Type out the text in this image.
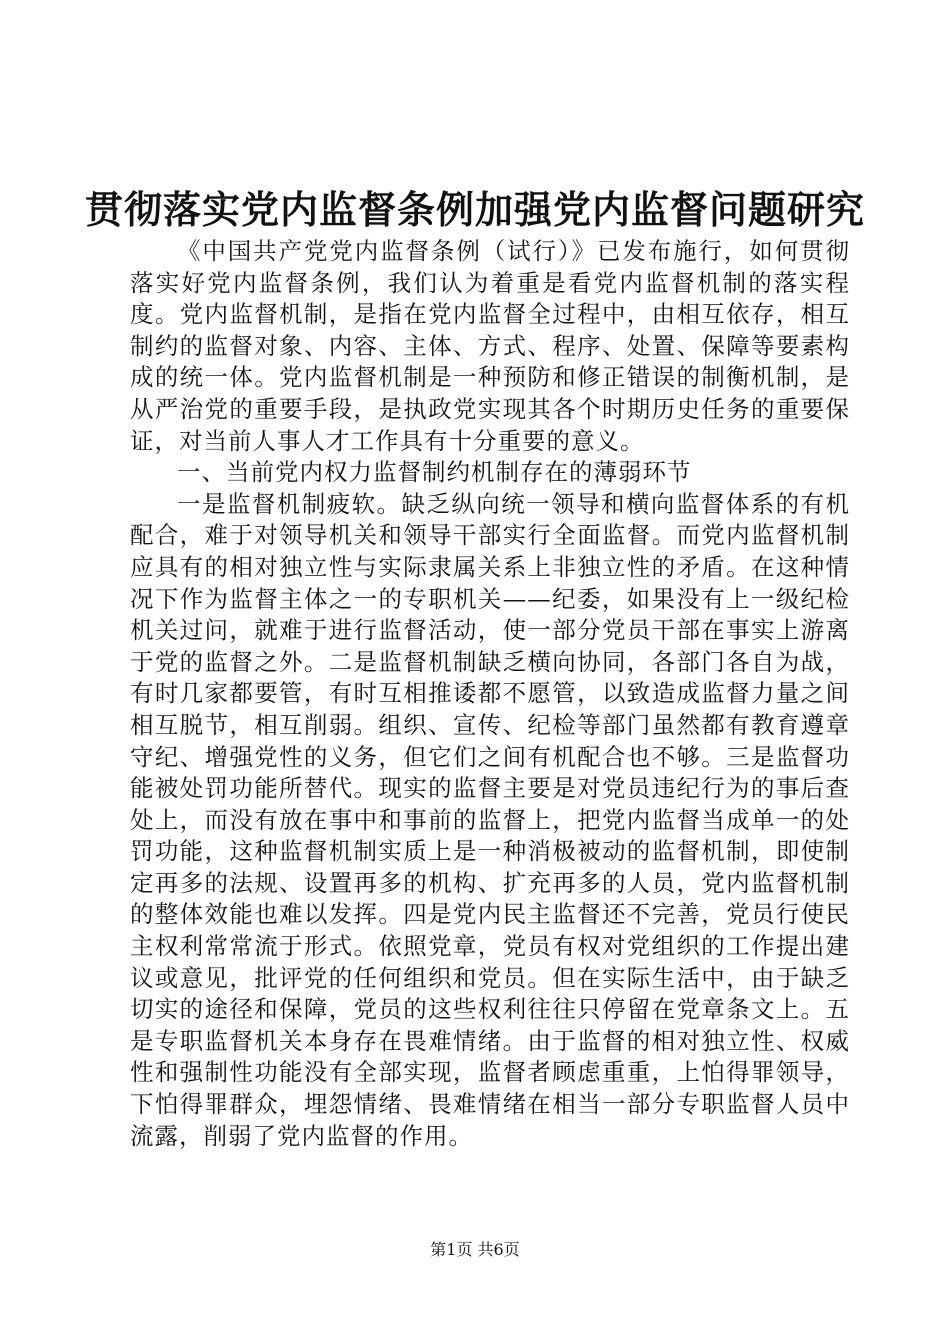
贯彻落实党内监督条例加强党内监督问题研究

《中国共产党党内监督条例（试行）》已发布施行，如何贯彻落实好党内监督条例，我们认为着重是看党内监督机制的落实程度。党内监督机制，是指在党内监督全过程中，由相互依存，相互制约的监督对象、内容、主体、方式、程序、处置、保障等要素构成的统一体。党内监督机制是一种预防和修正错误的制衡机制，是从严治党的重要手段，是执政党实现其各个时期历史任务的重要保证，对当前人事人才工作具有十分重要的意义。

一、当前党内权力监督制约机制存在的薄弱环节

一是监督机制疲软。缺乏纵向统一领导和横向监督体系的有机配合，难于对领导机关和领导干部实行全面监督。而党内监督机制应具有的相对独立性与实际隶属关系上非独立性的矛盾。在这种情况下作为监督主体之一的专职机关——纪委，如果没有上一级纪检机关过问，就难于进行监督活动，使一部分党员干部在事实上游离于党的监督之外。二是监督机制缺乏横向协同，各部门各自为战，有时几家都要管，有时互相推诿都不愿管，以致造成监督力量之间相互脱节，相互削弱。组织、宣传、纪检等部门虽然都有教育遵章守纪、增强党性的义务，但它们之间有机配合也不够。三是监督功能被处罚功能所替代。现实的监督主要是对党员违纪行为的事后查处上，而没有放在事中和事前的监督上，把党内监督当成单一的处罚功能，这种监督机制实质上是一种消极被动的监督机制，即使制定再多的法规、设置再多的机构、扩充再多的人员，党内监督机制的整体效能也难以发挥。四是党内民主监督还不完善，党员行使民主权利常常流于形式。依照党章，党员有权对党组织的工作提出建议或意见，批评党的任何组织和党员。但在实际生活中，由于缺乏切实的途径和保障，党员的这些权利往往只停留在党章条文上。五是专职监督机关本身存在畏难情绪。由于监督的相对独立性、权威性和强制性功能没有全部实现，监督者顾虑重重，上怕得罪领导，下怕得罪群众，埋怨情绪、畏难情绪在相当一部分专职监督人员中流露，削弱了党内监督的作用。

第1页 共6页
